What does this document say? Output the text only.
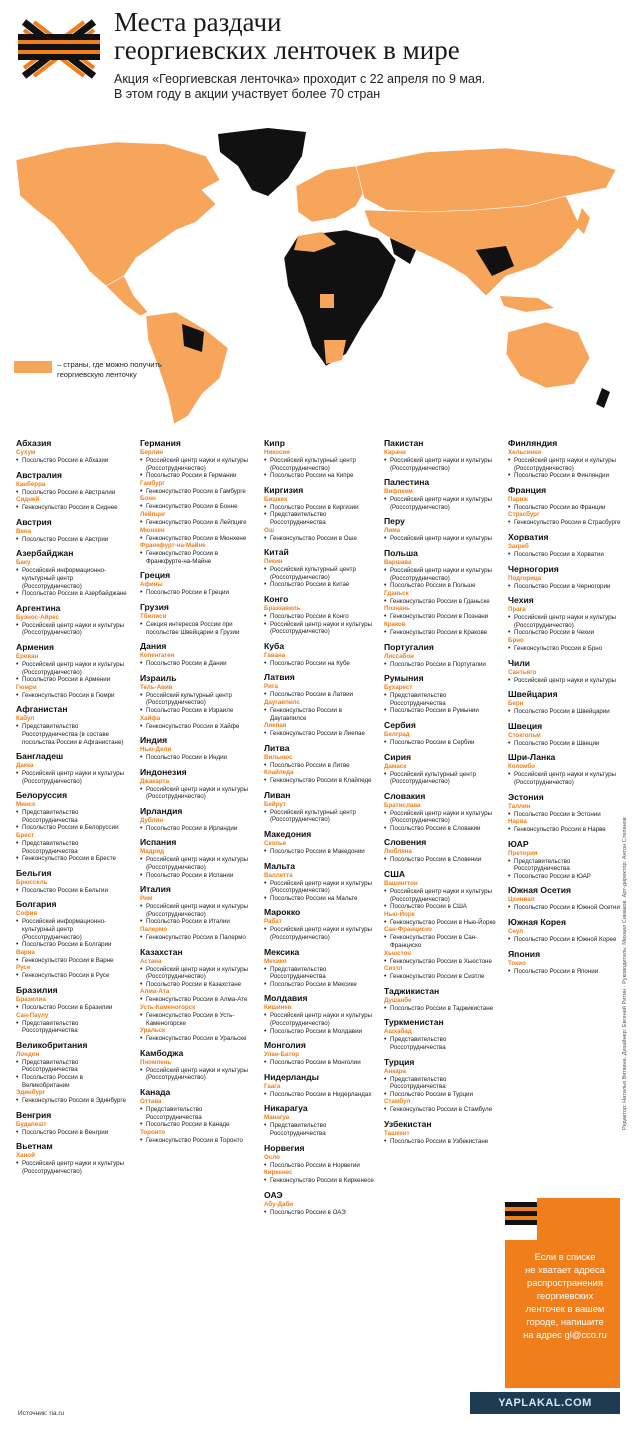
Места раздачи
георгиевских ленточек в мире
Акция «Георгиевская ленточка» проходит с 22 апреля по 9 мая.
В этом году в акции участвует более 70 стран
– страны, где можно получить
георгиевскую ленточку
Абхазия
Сухум
• Посольство России в Абхазии
Австралия
Канберра
• Посольство России в Австралии
Сидней
• Генконсульство России в Сиднее
Австрия
Вена
• Посольство России в Австрии
Азербайджан
Баку
• Российский информационно-культурный центр (Россотрудничество)
• Посольство России в Азербайджане
Аргентина
Буэнос-Айрес
• Российский центр науки и культуры (Россотрудничество)
Армения
Ереван
• Российский центр науки и культуры (Россотрудничество)
• Посольство России в Армении
Гюмри
• Генконсульство России в Гюмри
Афганистан
Кабул
• Представительство Россотрудничества (в составе посольства России в Афганистане)
Бангладеш
Дакка
• Российский центр науки и культуры (Россотрудничество)
Белоруссия
Минск
• Представительство Россотрудничества
• Посольство России в Белоруссии
Брест
• Представительство Россотрудничества
• Генконсульство России в Бресте
Бельгия
Брюссель
• Посольство России в Бельгии
Болгария
София
• Российский информационно-культурный центр (Россотрудничество)
• Посольство России в Болгарии
Варна
• Генконсульство России в Варне
Русе
• Генконсульство России в Русе
Бразилия
Бразилиа
• Посольство России в Бразилии
Сан-Паулу
• Представительство Россотрудничества
Великобритания
Лондон
• Представительство Россотрудничества
• Посольство России в Великобритании
Эдинбург
• Генконсульство России в Эдинбурге
Венгрия
Будапешт
• Посольство России в Венгрии
Вьетнам
Ханой
• Российский центр науки и культуры (Россотрудничество)
Германия
Берлин
• Российский центр науки и культуры (Россотрудничество)
• Посольство России в Германии
Гамбург
• Генконсульство России в Гамбурге
Бонн
• Генконсульство России в Бонне
Лейпциг
• Генконсульство России в Лейпциге
Мюнхен
• Генконсульство России в Мюнхене
Франкфурт-на-Майне
• Генконсульство России в Франкфурте-на-Майне
Греция
Афины
• Посольство России в Греции
Грузия
Тбилиси
• Секция интересов России при посольстве Швейцарии в Грузии
Дания
Копенгаген
• Посольство России в Дании
Израиль
Тель-Авив
• Российский культурный центр (Россотрудничество)
• Посольство России в Израиле
Хайфа
• Генконсульство России в Хайфе
Индия
Нью-Дели
• Посольство России в Индии
Индонезия
Джакарта
• Российский центр науки и культуры (Россотрудничество)
Ирландия
Дублин
• Посольство России в Ирландии
Испания
Мадрид
• Российский центр науки и культуры (Россотрудничество)
• Посольство России в Испании
Италия
Рим
• Российский центр науки и культуры (Россотрудничество)
• Посольство России в Италии
Палермо
• Генконсульство России в Палермо
Казахстан
Астана
• Российский центр науки и культуры (Россотрудничество)
• Посольство России в Казахстане
Алма-Ата
• Генконсульство России в Алма-Ате
Усть-Каменогорск
• Генконсульство России в Усть-Каменогорске
Уральск
• Генконсульство России в Уральске
Камбоджа
Пномпень
• Российский центр науки и культуры (Россотрудничество)
Канада
Оттава
• Представительство Россотрудничества
• Посольство России в Канаде
Торонто
• Генконсульство России в Торонто
Кипр
Никосия
• Российский культурный центр (Россотрудничество)
• Посольство России на Кипре
Киргизия
Бишкек
• Посольство России в Киргизии
• Представительство Россотрудничества
Ош
• Генконсульство России в Оше
Китай
Пекин
• Российский культурный центр (Россотрудничество)
• Посольство России в Китае
Конго
Браззавиль
• Посольство России в Конго
• Российский центр науки и культуры (Россотрудничество)
Куба
Гавана
• Посольство России на Кубе
Латвия
Рига
• Посольство России в Латвии
Даугавпилс
• Генконсульство России в Даугавпилсе
Лиепая
• Генконсульство России в Лиепае
Литва
Вильнюс
• Посольство России в Литве
Клайпеда
• Генконсульство России в Клайпеде
Ливан
Бейрут
• Российский культурный центр (Россотрудничество)
Македония
Скопье
• Посольство России в Македонии
Мальта
Валлетта
• Российский центр науки и культуры (Россотрудничество)
• Посольство России на Мальте
Марокко
Рабат
• Российский центр науки и культуры (Россотрудничество)
Мексика
Мехико
• Представительство Россотрудничества
• Посольство России в Мексике
Молдавия
Кишинев
• Российский центр науки и культуры (Россотрудничество)
• Посольство России в Молдавии
Монголия
Улан-Батор
• Посольство России в Монголии
Нидерланды
Гаага
• Посольство России в Нидерландах
Никарагуа
Манагуа
• Представительство Россотрудничества
Норвегия
Осло
• Посольство России в Норвегии
Киркенес
• Генконсульство России в Киркенесе
ОАЭ
Абу-Даби
• Посольство России в ОАЭ
Пакистан
Карачи
• Российский центр науки и культуры (Россотрудничество)
Палестина
Вифлеем
• Российский центр науки и культуры (Россотрудничество)
Перу
Лима
• Российский центр науки и культуры
Польша
Варшава
• Российский центр науки и культуры (Россотрудничество)
• Посольство России в Польше
Гданьск
• Генконсульство России в Гданьске
Познань
• Генконсульство России в Познани
Краков
• Генконсульство России в Кракове
Португалия
Лиссабон
• Посольство России в Португалии
Румыния
Бухарест
• Представительство Россотрудничества
• Посольство России в Румынии
Сербия
Белград
• Посольство России в Сербии
Сирия
Дамаск
• Российский культурный центр (Россотрудничество)
Словакия
Братислава
• Российский центр науки и культуры (Россотрудничество)
• Посольство России в Словакии
Словения
Любляна
• Посольство России в Словении
США
Вашингтон
• Российский центр науки и культуры (Россотрудничество)
• Посольство России в США
Нью-Йорк
• Генконсульство России в Нью-Йорке
Сан-Франциско
• Генконсульство России в Сан-Франциско
Хьюстон
• Генконсульство России в Хьюстоне
Сиэтл
• Генконсульство России в Сиэтле
Таджикистан
Душанбе
• Посольство России в Таджикистане
Туркменистан
Ашхабад
• Представительство Россотрудничества
Турция
Анкара
• Представительство Россотрудничества
• Посольство России в Турции
Стамбул
• Генконсульство России в Стамбуле
Узбекистан
Ташкент
• Посольство России в Узбекистане
Финляндия
Хельсинки
• Российский центр науки и культуры (Россотрудничество)
• Посольство России в Финляндии
Франция
Париж
• Посольство России во Франции
Страсбург
• Генконсульство России в Страсбурге
Хорватия
Загреб
• Посольство России в Хорватии
Черногория
Подгорица
• Посольство России в Черногории
Чехия
Прага
• Российский центр науки и культуры (Россотрудничество)
• Посольство России в Чехии
Брно
• Генконсульство России в Брно
Чили
Сантьяго
• Российский центр науки и культуры
Швейцария
Берн
• Посольство России в Швейцарии
Швеция
Стокгольм
• Посольство России в Швеции
Шри-Ланка
Коломбо
• Российский центр науки и культуры (Россотрудничество)
Эстония
Таллин
• Посольство России в Эстонии
Нарва
• Генконсульство России в Нарве
ЮАР
Претория
• Представительство Россотрудничества
• Посольство России в ЮАР
Южная Осетия
Цхинвал
• Посольство России в Южной Осетии
Южная Корея
Сеул
• Посольство России в Южной Корее
Япония
Токио
• Посольство России в Японии
Если в списке
не хватает адреса
распространения
георгиевских
ленточек в вашем
городе, напишите
на адрес gl@cco.ru
Редактор: Наталья Вяткина. Дизайнер: Евгений Ритин · Руководитель: Михаил Симаков. Арт-директор: Антон Степанов
Источник: ria.ru
YAPLAKAL.COM
